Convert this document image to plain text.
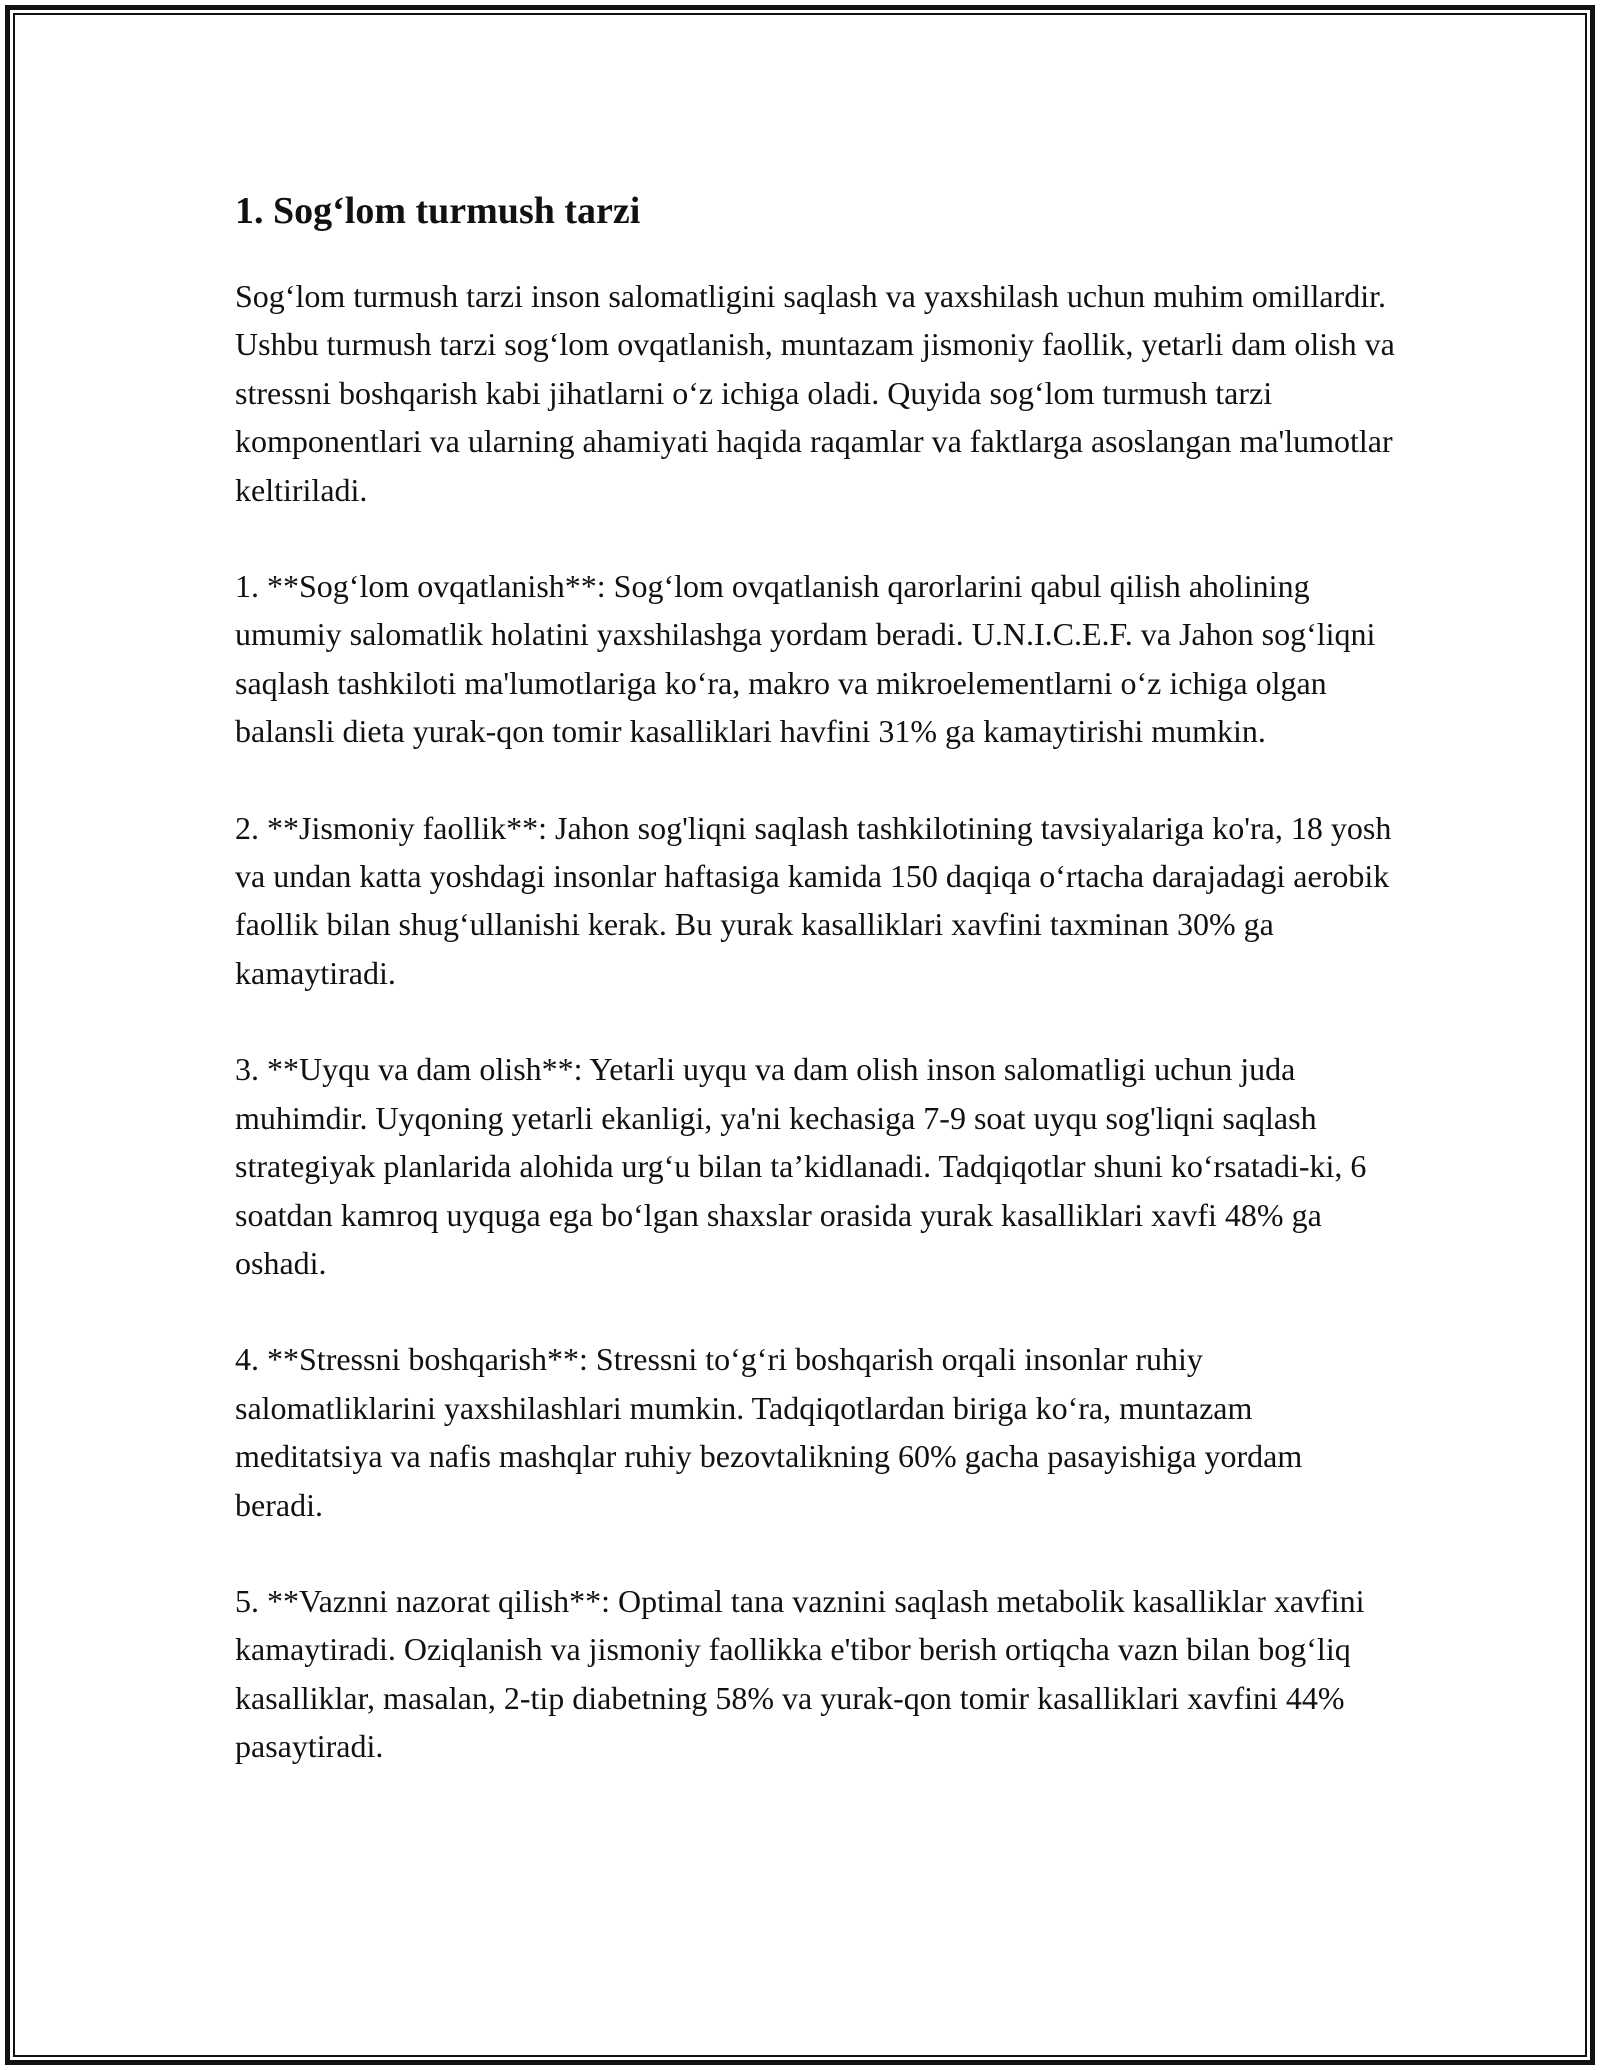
1. Sog‘lom turmush tarzi

Sog‘lom turmush tarzi inson salomatligini saqlash va yaxshilash uchun muhim omillardir. Ushbu turmush tarzi sog‘lom ovqatlanish, muntazam jismoniy faollik, yetarli dam olish va stressni boshqarish kabi jihatlarni o‘z ichiga oladi. Quyida sog‘lom turmush tarzi komponentlari va ularning ahamiyati haqida raqamlar va faktlarga asoslangan ma'lumotlar keltiriladi.

1. **Sog‘lom ovqatlanish**: Sog‘lom ovqatlanish qarorlarini qabul qilish aholining umumiy salomatlik holatini yaxshilashga yordam beradi. U.N.I.C.E.F. va Jahon sog‘liqni saqlash tashkiloti ma'lumotlariga ko‘ra, makro va mikroelementlarni o‘z ichiga olgan balansli dieta yurak-qon tomir kasalliklari havfini 31% ga kamaytirishi mumkin.

2. **Jismoniy faollik**: Jahon sog'liqni saqlash tashkilotining tavsiyalariga ko'ra, 18 yosh va undan katta yoshdagi insonlar haftasiga kamida 150 daqiqa o‘rtacha darajadagi aerobik faollik bilan shug‘ullanishi kerak. Bu yurak kasalliklari xavfini taxminan 30% ga kamaytiradi.

3. **Uyqu va dam olish**: Yetarli uyqu va dam olish inson salomatligi uchun juda muhimdir. Uyqoning yetarli ekanligi, ya'ni kechasiga 7-9 soat uyqu sog'liqni saqlash strategiyak planlarida alohida urg‘u bilan ta’kidlanadi. Tadqiqotlar shuni ko‘rsatadi-ki, 6 soatdan kamroq uyquga ega bo‘lgan shaxslar orasida yurak kasalliklari xavfi 48% ga oshadi.

4. **Stressni boshqarish**: Stressni to‘g‘ri boshqarish orqali insonlar ruhiy salomatliklarini yaxshilashlari mumkin. Tadqiqotlardan biriga ko‘ra, muntazam meditatsiya va nafis mashqlar ruhiy bezovtalikning 60% gacha pasayishiga yordam beradi.

5. **Vaznni nazorat qilish**: Optimal tana vaznini saqlash metabolik kasalliklar xavfini kamaytiradi. Oziqlanish va jismoniy faollikka e'tibor berish ortiqcha vazn bilan bog‘liq kasalliklar, masalan, 2-tip diabetning 58% va yurak-qon tomir kasalliklari xavfini 44% pasaytiradi.
